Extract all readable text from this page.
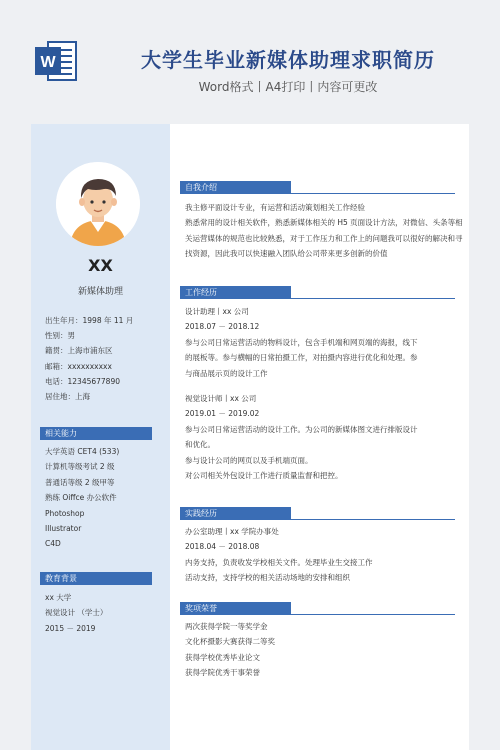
W	大学生毕业新媒体助理求职简历
Word格式丨A4打印丨内容可更改
XX
新媒体助理
出生年月：1998 年 11 月
性别：男
籍贯：上海市浦东区
邮箱：xxxxxxxxxx
电话：12345677890
居住地：上海
相关能力
大学英语 CET4 (533)
计算机等级考试 2 级
普通话等级 2 级甲等
熟练 Oiffce 办公软件
Photoshop
Illustrator
C4D
教育背景
xx 大学
视觉设计 （学士）
2015 － 2019
自我介绍
我主修平面设计专业，有运营和活动策划相关工作经验
熟悉常用的设计相关软件，熟悉新媒体相关的 H5 页面设计方法，对微信、头条等相
关运营媒体的规范也比较熟悉，对于工作压力和工作上的问题我可以很好的解决和寻
找资源，因此我可以快速融入团队给公司带来更多创新的价值
工作经历
设计助理丨xx 公司
2018.07 － 2018.12
参与公司日常运营活动的物料设计，包含手机端和网页端的海报，线下
的展板等。参与横幅的日常拍摄工作，对拍摄内容进行优化和处理。参
与商品展示页的设计工作
视觉设计师丨xx 公司
2019.01 － 2019.02
参与公司日常运营活动的设计工作。为公司的新媒体图文进行排版设计
和优化。
参与设计公司的网页以及手机端页面。
对公司相关外包设计工作进行质量监督和把控。
实践经历
办公室助理丨xx 学院办事处
2018.04 － 2018.08
内务支持，负责收发学校相关文件。处理毕业生交接工作
活动支持，支持学校的相关活动场地的安排和组织
奖项荣誉
两次获得学院一等奖学金
文化杯摄影大赛获得二等奖
获得学校优秀毕业论文
获得学院优秀干事荣誉
